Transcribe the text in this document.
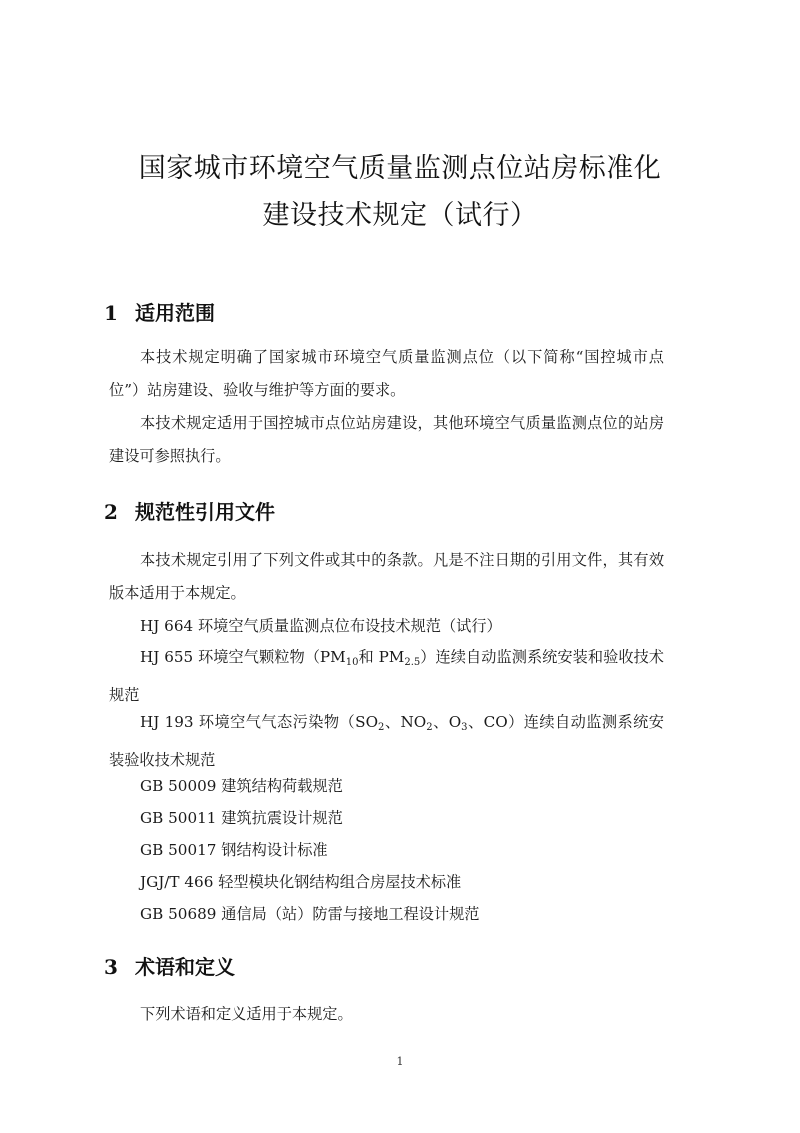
国家城市环境空气质量监测点位站房标准化
建设技术规定（试行）
1 适用范围
本技术规定明确了国家城市环境空气质量监测点位（以下简称“国控城市点位”）站房建设、验收与维护等方面的要求。
本技术规定适用于国控城市点位站房建设，其他环境空气质量监测点位的站房建设可参照执行。
2 规范性引用文件
本技术规定引用了下列文件或其中的条款。凡是不注日期的引用文件，其有效版本适用于本规定。
HJ 664 环境空气质量监测点位布设技术规范（试行）
HJ 655 环境空气颗粒物（$PM_{10}$和 $PM_{2.5}$）连续自动监测系统安装和验收技术规范
HJ 193 环境空气气态污染物（$SO_2$、$NO_2$、$O_3$、CO）连续自动监测系统安装验收技术规范
GB 50009 建筑结构荷载规范
GB 50011 建筑抗震设计规范
GB 50017 钢结构设计标准
JGJ/T 466 轻型模块化钢结构组合房屋技术标准
GB 50689 通信局（站）防雷与接地工程设计规范
3 术语和定义
下列术语和定义适用于本规定。
1
